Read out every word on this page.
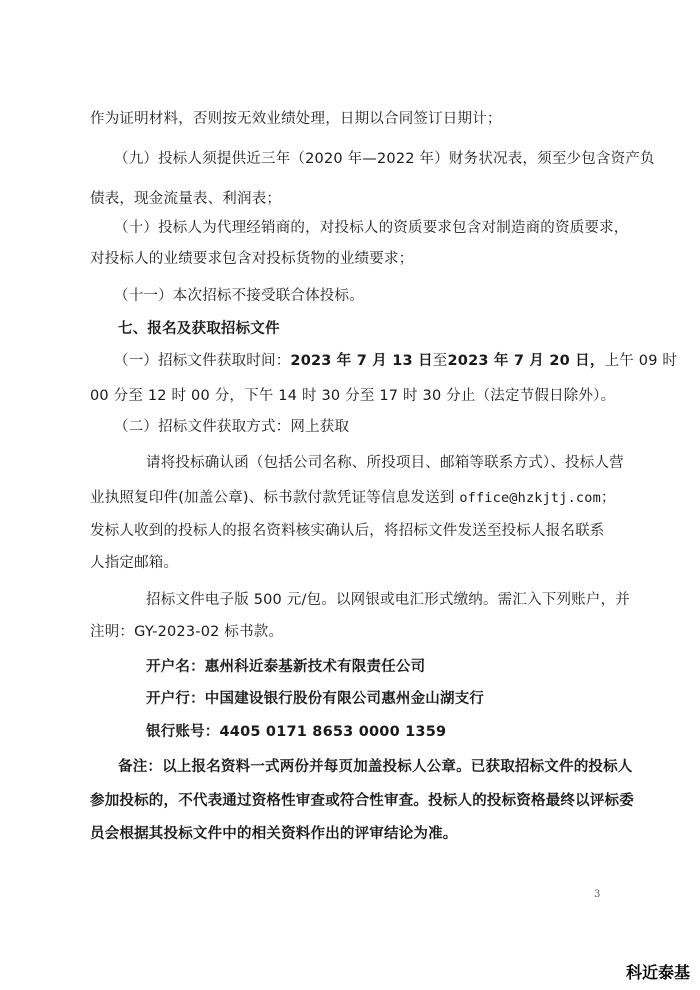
作为证明材料，否则按无效业绩处理，日期以合同签订日期计；
（九）投标人须提供近三年（2020 年—2022 年）财务状况表，须至少包含资产负
债表，现金流量表、利润表；
（十）投标人为代理经销商的，对投标人的资质要求包含对制造商的资质要求，
对投标人的业绩要求包含对投标货物的业绩要求；
（十一）本次招标不接受联合体投标。
七、报名及获取招标文件
（一）招标文件获取时间：2023 年 7 月 13 日至2023 年 7 月 20 日，上午 09 时
00 分至 12 时 00 分，下午 14 时 30 分至 17 时 30 分止（法定节假日除外）。
（二）招标文件获取方式：网上获取
请将投标确认函（包括公司名称、所投项目、邮箱等联系方式）、投标人营
业执照复印件(加盖公章)、标书款付款凭证等信息发送到 office@hzkjtj.com；
发标人收到的投标人的报名资料核实确认后，将招标文件发送至投标人报名联系
人指定邮箱。
招标文件电子版 500 元/包。以网银或电汇形式缴纳。需汇入下列账户，并
注明：GY-2023-02 标书款。
开户名：惠州科近泰基新技术有限责任公司
开户行：中国建设银行股份有限公司惠州金山湖支行
银行账号：4405 0171 8653 0000 1359
备注：以上报名资料一式两份并每页加盖投标人公章。已获取招标文件的投标人
参加投标的，不代表通过资格性审查或符合性审查。投标人的投标资格最终以评标委
员会根据其投标文件中的相关资料作出的评审结论为准。
3
科近泰基
